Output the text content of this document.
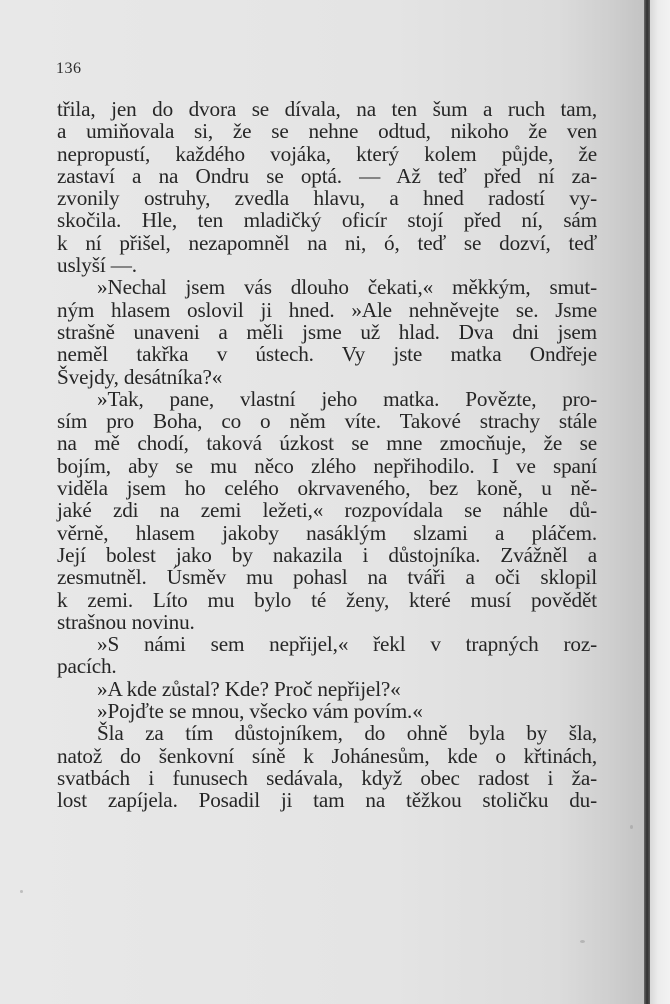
136
třila, jen do dvora se dívala, na ten šum a ruch tam,
a umiňovala si, že se nehne odtud, nikoho že ven
nepropustí, každého vojáka, který kolem půjde, že
zastaví a na Ondru se optá. — Až teď před ní za-
zvonily ostruhy, zvedla hlavu, a hned radostí vy-
skočila. Hle, ten mladičký oficír stojí před ní, sám
k ní přišel, nezapomněl na ni, ó, teď se dozví, teď
uslyší —.
»Nechal jsem vás dlouho čekati,« měkkým, smut-
ným hlasem oslovil ji hned. »Ale nehněvejte se. Jsme
strašně unaveni a měli jsme už hlad. Dva dni jsem
neměl takřka v ústech. Vy jste matka Ondřeje
Švejdy, desátníka?«
»Tak, pane, vlastní jeho matka. Povězte, pro-
sím pro Boha, co o něm víte. Takové strachy stále
na mě chodí, taková úzkost se mne zmocňuje, že se
bojím, aby se mu něco zlého nepřihodilo. I ve spaní
viděla jsem ho celého okrvaveného, bez koně, u ně-
jaké zdi na zemi ležeti,« rozpovídala se náhle dů-
věrně, hlasem jakoby nasáklým slzami a pláčem.
Její bolest jako by nakazila i důstojníka. Zvážněl a
zesmutněl. Úsměv mu pohasl na tváři a oči sklopil
k zemi. Líto mu bylo té ženy, které musí povědět
strašnou novinu.
»S námi sem nepřijel,« řekl v trapných roz-
pacích.
»A kde zůstal? Kde? Proč nepřijel?«
»Pojďte se mnou, všecko vám povím.«
Šla za tím důstojníkem, do ohně byla by šla,
natož do šenkovní síně k Johánesům, kde o křtinách,
svatbách i funusech sedávala, když obec radost i ža-
lost zapíjela. Posadil ji tam na těžkou stoličku du-
